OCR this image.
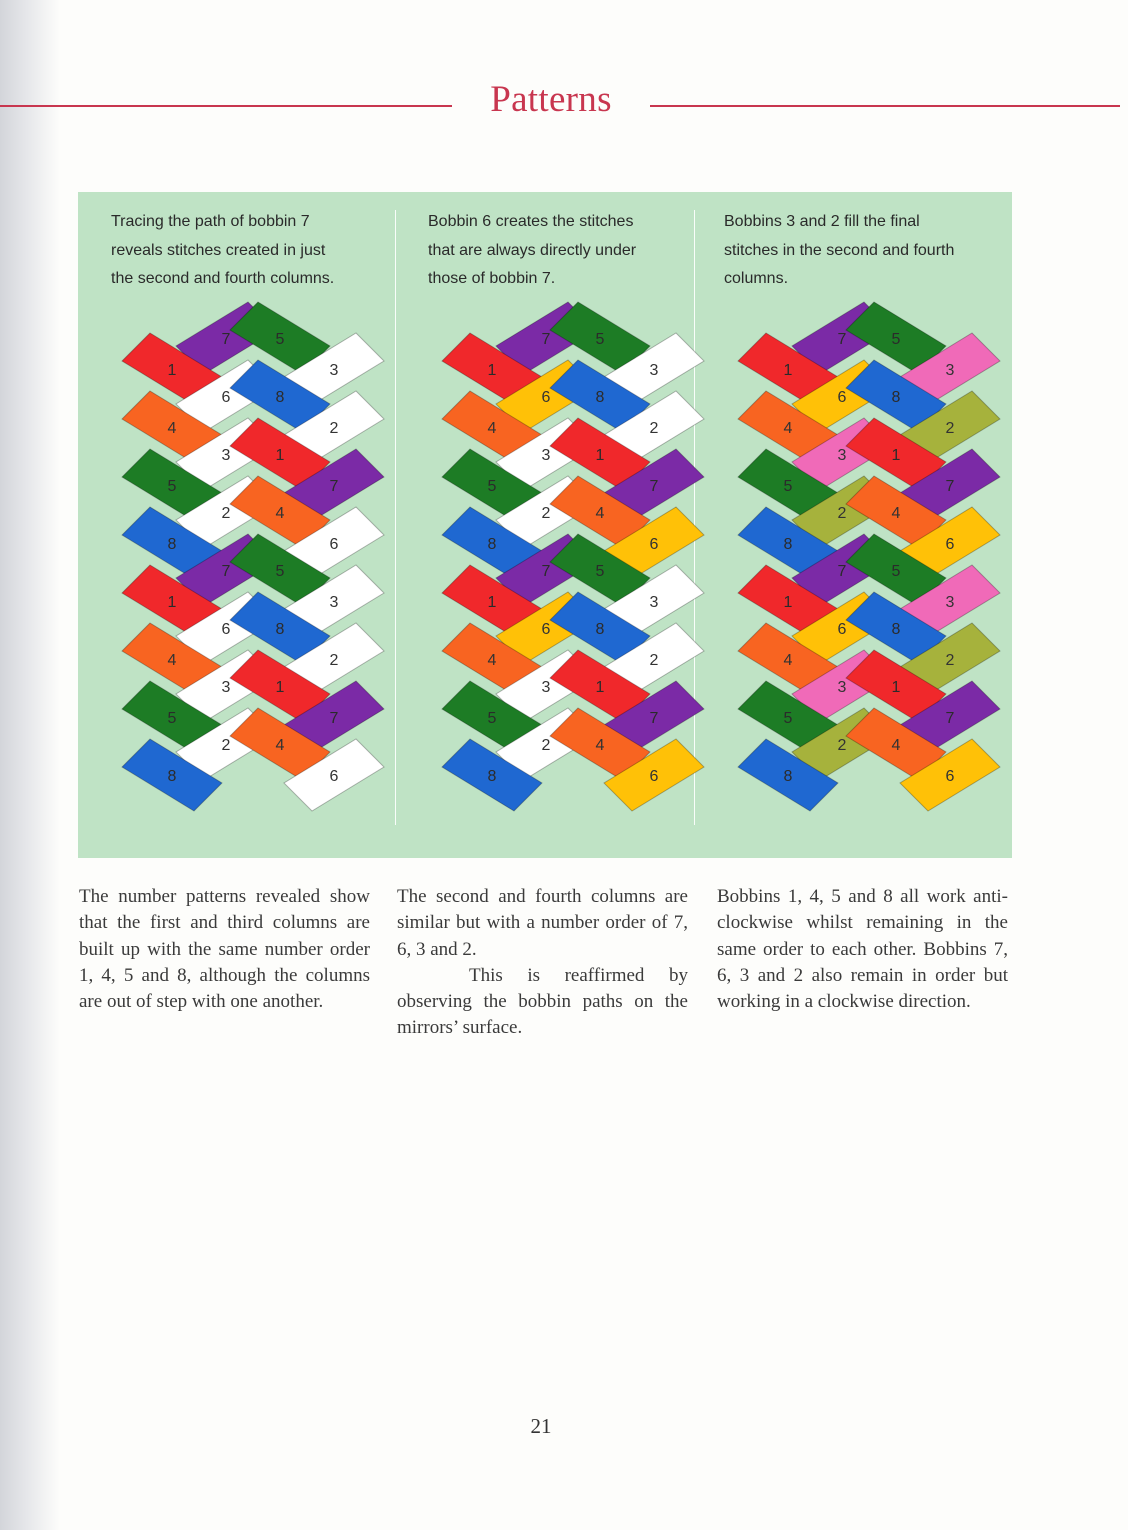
Patterns
Tracing the path of bobbin 7
reveals stitches created in just
the second and fourth columns.
Bobbin 6 creates the stitches
that are always directly under
those of bobbin 7.
Bobbins 3 and 2 fill the final
stitches in the second and fourth
columns.
7	5
1	3
6	8
4	2
3	1
5	7
2	4
8	6
7	5
1	3
6	8
4	2
3	1
5	7
2	4
8	6
7	5
1	3
6	8
4	2
3	1
5	7
2	4
8	6
7	5
1	3
6	8
4	2
3	1
5	7
2	4
8	6
7	5
1	3
6	8
4	2
3	1
5	7
2	4
8	6
7	5
1	3
6	8
4	2
3	1
5	7
2	4
8	6

The number patterns revealed show that the first and third columns are built up with the same number order 1, 4, 5 and 8, although the columns are out of step with one another.

The second and fourth columns are similar but with a number order of 7, 6, 3 and 2.

This is reaffirmed by observing the bobbin paths on the mirrors’ surface.

Bobbins 1, 4, 5 and 8 all work anti-clockwise whilst remaining in the same order to each other. Bobbins 7, 6, 3 and 2 also remain in order but working in a clockwise direction.

21
